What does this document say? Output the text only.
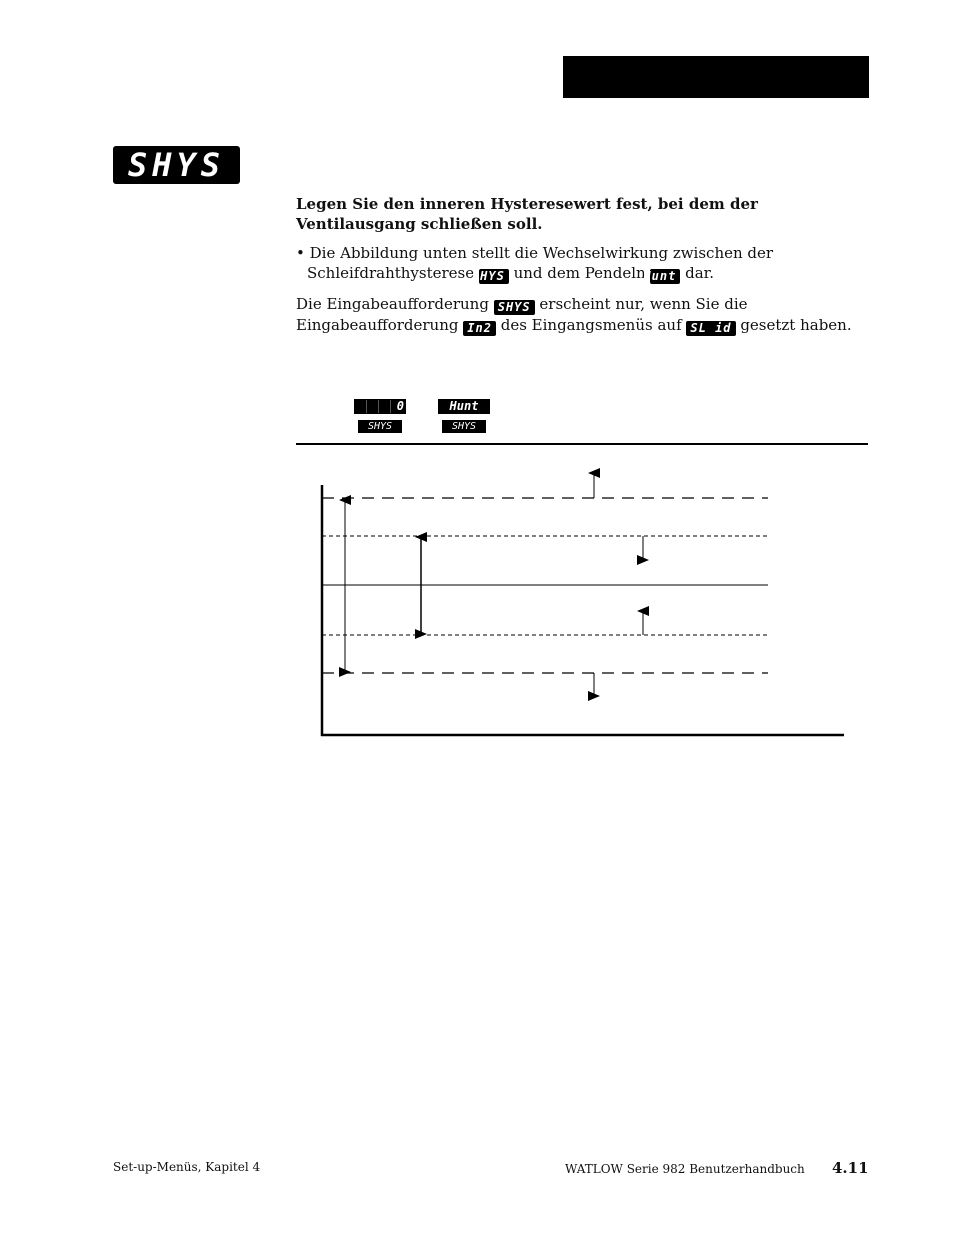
SHYS
Legen Sie den inneren Hysteresewert fest, bei dem der Ventilausgang schließen soll.
• Die Abbildung unten stellt die Wechselwirkung zwischen der Schleifdrahthysterese SHYS und dem Pendeln Hunt dar.
Die Eingabeaufforderung SHYS erscheint nur, wenn Sie die Eingabeaufforderung In2 des Eingangsmenüs auf SL id gesetzt haben.
0
SHYS
Hunt
SHYS
Set-up-Menüs, Kapitel 4	WATLOW Serie 982 Benutzerhandbuch 4.11
